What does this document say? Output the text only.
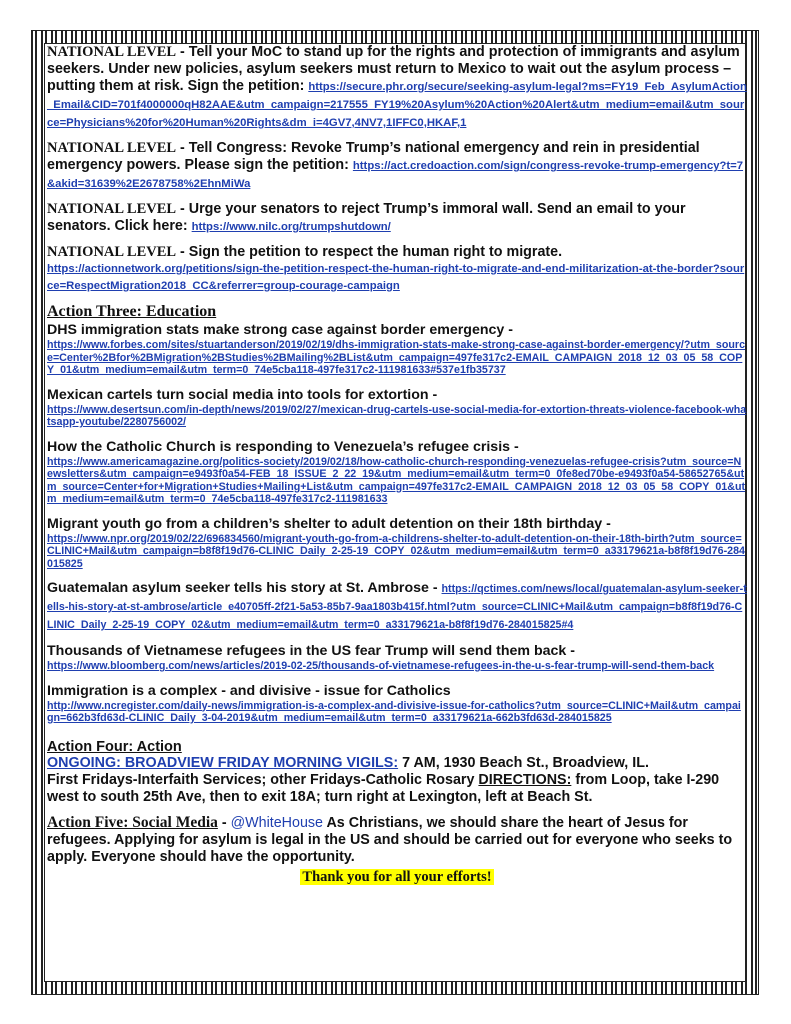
NATIONAL LEVEL - Tell your MoC to stand up for the rights and protection of immigrants and asylum seekers. Under new policies, asylum seekers must return to Mexico to wait out the asylum process – putting them at risk. Sign the petition: https://secure.phr.org/secure/seeking-asylum-legal?ms=FY19_Feb_AsylumAction_Email&CID=701f4000000qH82AAE&utm_campaign=217555_FY19%20Asylum%20Action%20Alert&utm_medium=email&utm_source=Physicians%20for%20Human%20Rights&dm_i=4GV7,4NV7,1IFFC0,HKAF,1
NATIONAL LEVEL - Tell Congress: Revoke Trump’s national emergency and rein in presidential emergency powers. Please sign the petition: https://act.credoaction.com/sign/congress-revoke-trump-emergency?t=7&akid=31639%2E2678758%2EhnMiWa
NATIONAL LEVEL - Urge your senators to reject Trump’s immoral wall. Send an email to your senators. Click here: https://www.nilc.org/trumpshutdown/
NATIONAL LEVEL - Sign the petition to respect the human right to migrate.
https://actionnetwork.org/petitions/sign-the-petition-respect-the-human-right-to-migrate-and-end-militarization-at-the-border?source=RespectMigration2018_CC&referrer=group-courage-campaign
Action Three: Education
DHS immigration stats make strong case against border emergency -
https://www.forbes.com/sites/stuartanderson/2019/02/19/dhs-immigration-stats-make-strong-case-against-border-emergency/?utm_source=Center%2Bfor%2BMigration%2BStudies%2BMailing%2BList&utm_campaign=497fe317c2-EMAIL_CAMPAIGN_2018_12_03_05_58_COPY_01&utm_medium=email&utm_term=0_74e5cba118-497fe317c2-111981633#537e1fb35737
Mexican cartels turn social media into tools for extortion -
https://www.desertsun.com/in-depth/news/2019/02/27/mexican-drug-cartels-use-social-media-for-extortion-threats-violence-facebook-whatsapp-youtube/2280756002/
How the Catholic Church is responding to Venezuela’s refugee crisis -
https://www.americamagazine.org/politics-society/2019/02/18/how-catholic-church-responding-venezuelas-refugee-crisis?utm_source=Newsletters&utm_campaign=e9493f0a54-FEB_18_ISSUE_2_22_19&utm_medium=email&utm_term=0_0fe8ed70be-e9493f0a54-58652765&utm_source=Center+for+Migration+Studies+Mailing+List&utm_campaign=497fe317c2-EMAIL_CAMPAIGN_2018_12_03_05_58_COPY_01&utm_medium=email&utm_term=0_74e5cba118-497fe317c2-111981633
Migrant youth go from a children’s shelter to adult detention on their 18th birthday -
https://www.npr.org/2019/02/22/696834560/migrant-youth-go-from-a-childrens-shelter-to-adult-detention-on-their-18th-birth?utm_source=CLINIC+Mail&utm_campaign=b8f8f19d76-CLINIC_Daily_2-25-19_COPY_02&utm_medium=email&utm_term=0_a33179621a-b8f8f19d76-284015825
Guatemalan asylum seeker tells his story at St. Ambrose - https://qctimes.com/news/local/guatemalan-asylum-seeker-tells-his-story-at-st-ambrose/article_e40705ff-2f21-5a53-85b7-9aa1803b415f.html?utm_source=CLINIC+Mail&utm_campaign=b8f8f19d76-CLINIC_Daily_2-25-19_COPY_02&utm_medium=email&utm_term=0_a33179621a-b8f8f19d76-284015825#4
Thousands of Vietnamese refugees in the US fear Trump will send them back -
https://www.bloomberg.com/news/articles/2019-02-25/thousands-of-vietnamese-refugees-in-the-u-s-fear-trump-will-send-them-back
Immigration is a complex - and divisive - issue for Catholics
http://www.ncregister.com/daily-news/immigration-is-a-complex-and-divisive-issue-for-catholics?utm_source=CLINIC+Mail&utm_campaign=662b3fd63d-CLINIC_Daily_3-04-2019&utm_medium=email&utm_term=0_a33179621a-662b3fd63d-284015825
Action Four: Action
ONGOING: BROADVIEW FRIDAY MORNING VIGILS: 7 AM, 1930 Beach St., Broadview, IL.
First Fridays-Interfaith Services; other Fridays-Catholic Rosary DIRECTIONS: from Loop, take I-290 west to south 25th Ave, then to exit 18A; turn right at Lexington, left at Beach St.
Action Five: Social Media - @WhiteHouse As Christians, we should share the heart of Jesus for refugees. Applying for asylum is legal in the US and should be carried out for everyone who seeks to apply. Everyone should have the opportunity.
Thank you for all your efforts!
